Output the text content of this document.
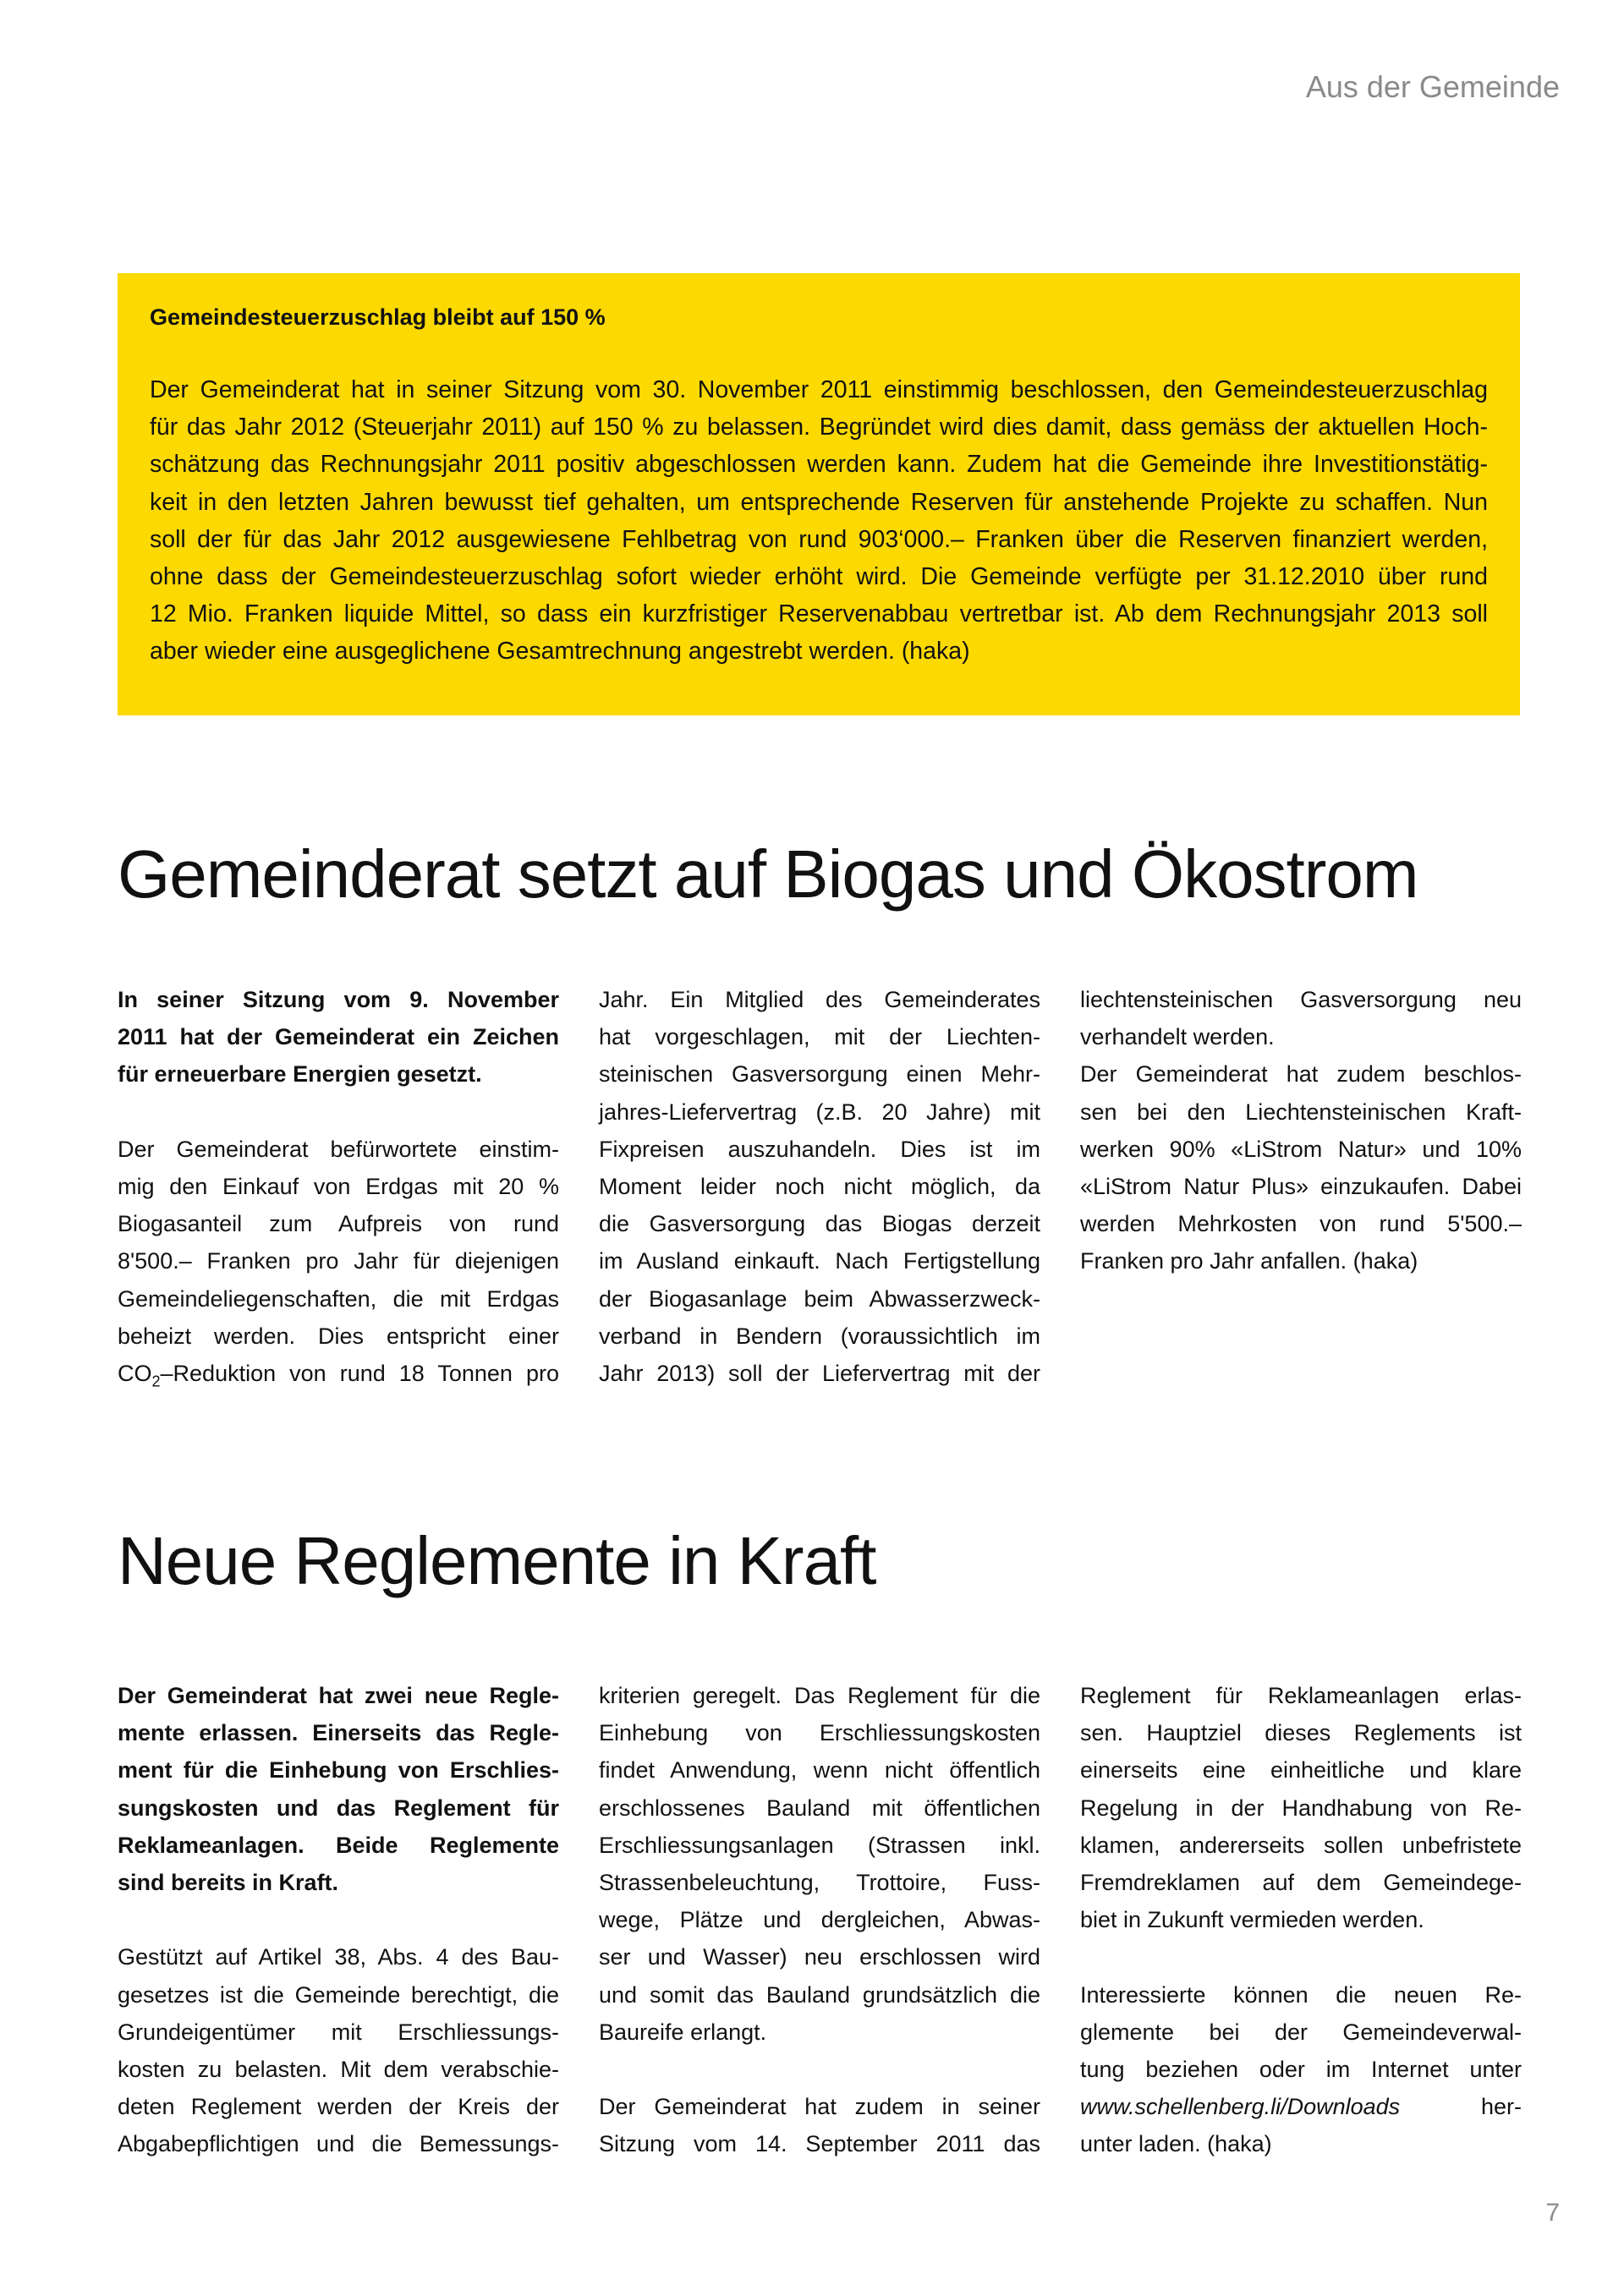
Aus der Gemeinde

Gemeindesteuerzuschlag bleibt auf 150 %

Der Gemeinderat hat in seiner Sitzung vom 30. November 2011 einstimmig beschlossen, den Gemeindesteuerzuschlag
für das Jahr 2012 (Steuerjahr 2011) auf 150 % zu belassen. Begründet wird dies damit, dass gemäss der aktuellen Hoch-
schätzung das Rechnungsjahr 2011 positiv abgeschlossen werden kann. Zudem hat die Gemeinde ihre Investitionstätig-
keit in den letzten Jahren bewusst tief gehalten, um entsprechende Reserven für anstehende Projekte zu schaffen. Nun
soll der für das Jahr 2012 ausgewiesene Fehlbetrag von rund 903‘000.– Franken über die Reserven finanziert werden,
ohne dass der Gemeindesteuerzuschlag sofort wieder erhöht wird. Die Gemeinde verfügte per 31.12.2010 über rund
12 Mio. Franken liquide Mittel, so dass ein kurzfristiger Reservenabbau vertretbar ist. Ab dem Rechnungsjahr 2013 soll
aber wieder eine ausgeglichene Gesamtrechnung angestrebt werden. (haka)

Gemeinderat setzt auf Biogas und Ökostrom

In seiner Sitzung vom 9. November
2011 hat der Gemeinderat ein Zeichen
für erneuerbare Energien gesetzt.

Der Gemeinderat befürwortete einstim-
mig den Einkauf von Erdgas mit 20 %
Biogasanteil zum Aufpreis von rund
8'500.– Franken pro Jahr für diejenigen
Gemeindeliegenschaften, die mit Erdgas
beheizt werden. Dies entspricht einer
$CO_2$–Reduktion von rund 18 Tonnen pro

Jahr. Ein Mitglied des Gemeinderates
hat vorgeschlagen, mit der Liechten-
steinischen Gasversorgung einen Mehr-
jahres-Liefervertrag (z.B. 20 Jahre) mit
Fixpreisen auszuhandeln. Dies ist im
Moment leider noch nicht möglich, da
die Gasversorgung das Biogas derzeit
im Ausland einkauft. Nach Fertigstellung
der Biogasanlage beim Abwasserzweck-
verband in Bendern (voraussichtlich im
Jahr 2013) soll der Liefervertrag mit der

liechtensteinischen Gasversorgung neu
verhandelt werden.
Der Gemeinderat hat zudem beschlos-
sen bei den Liechtensteinischen Kraft-
werken 90% «LiStrom Natur» und 10%
«LiStrom Natur Plus» einzukaufen. Dabei
werden Mehrkosten von rund 5'500.–
Franken pro Jahr anfallen. (haka)

Neue Reglemente in Kraft

Der Gemeinderat hat zwei neue Regle-
mente erlassen. Einerseits das Regle-
ment für die Einhebung von Erschlies-
sungskosten und das Reglement für
Reklameanlagen. Beide Reglemente
sind bereits in Kraft.

Gestützt auf Artikel 38, Abs. 4 des Bau-
gesetzes ist die Gemeinde berechtigt, die
Grundeigentümer mit Erschliessungs-
kosten zu belasten. Mit dem verabschie-
deten Reglement werden der Kreis der
Abgabepflichtigen und die Bemessungs-

kriterien geregelt. Das Reglement für die
Einhebung von Erschliessungskosten
findet Anwendung, wenn nicht öffentlich
erschlossenes Bauland mit öffentlichen
Erschliessungsanlagen (Strassen inkl.
Strassenbeleuchtung, Trottoire, Fuss-
wege, Plätze und dergleichen, Abwas-
ser und Wasser) neu erschlossen wird
und somit das Bauland grundsätzlich die
Baureife erlangt.

Der Gemeinderat hat zudem in seiner
Sitzung vom 14. September 2011 das

Reglement für Reklameanlagen erlas-
sen. Hauptziel dieses Reglements ist
einerseits eine einheitliche und klare
Regelung in der Handhabung von Re-
klamen, andererseits sollen unbefristete
Fremdreklamen auf dem Gemeindege-
biet in Zukunft vermieden werden.

Interessierte können die neuen Re-
glemente bei der Gemeindeverwal-
tung beziehen oder im Internet unter
www.schellenberg.li/Downloads her-
unter laden. (haka)

7
